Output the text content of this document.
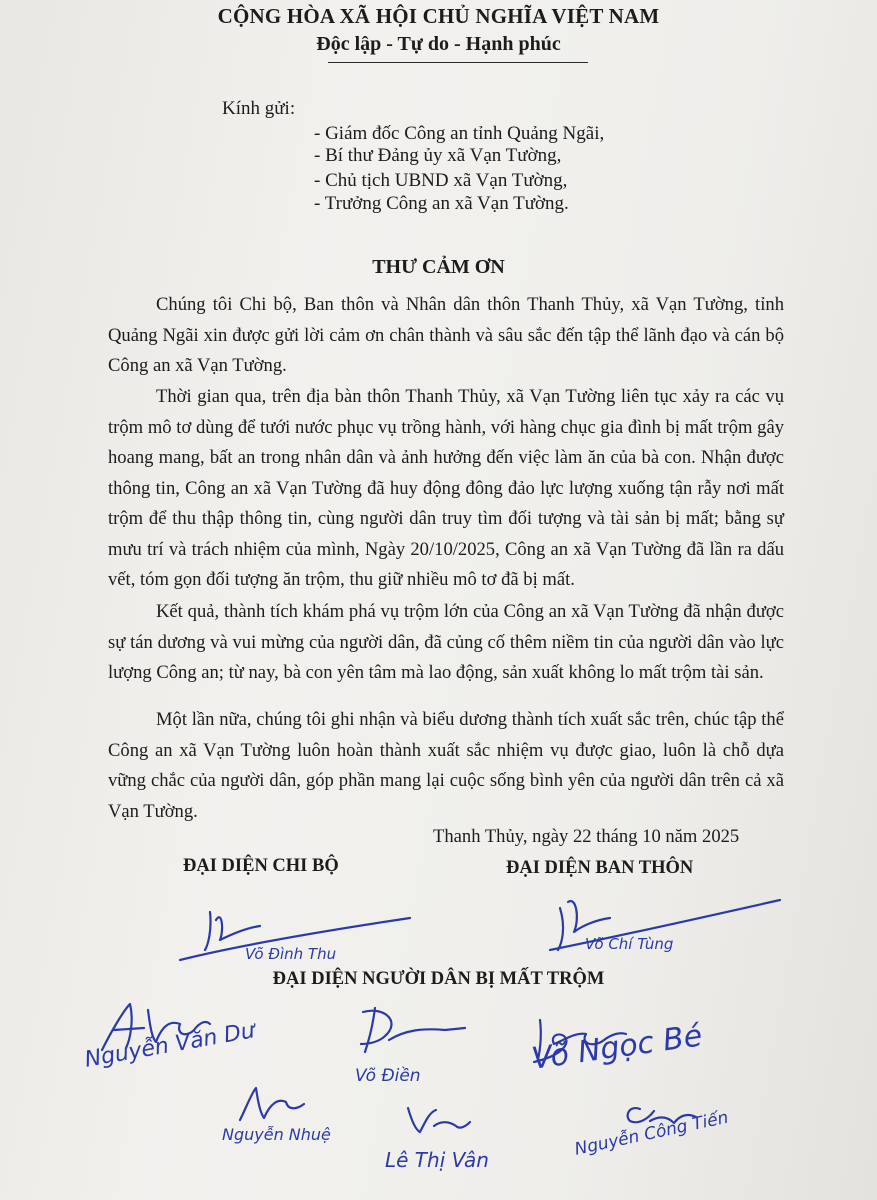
CỘNG HÒA XÃ HỘI CHỦ NGHĨA VIỆT NAM
Độc lập - Tự do - Hạnh phúc
Kính gửi:
- Giám đốc Công an tỉnh Quảng Ngãi,
- Bí thư Đảng ủy xã Vạn Tường,
- Chủ tịch UBND xã Vạn Tường,
- Trưởng Công an xã Vạn Tường.
THƯ CẢM ƠN

Chúng tôi Chi bộ, Ban thôn và Nhân dân thôn Thanh Thủy, xã Vạn Tường, tỉnh Quảng Ngãi xin được gửi lời cảm ơn chân thành và sâu sắc đến tập thể lãnh đạo và cán bộ Công an xã Vạn Tường.

Thời gian qua, trên địa bàn thôn Thanh Thủy, xã Vạn Tường liên tục xảy ra các vụ trộm mô tơ dùng để tưới nước phục vụ trồng hành, với hàng chục gia đình bị mất trộm gây hoang mang, bất an trong nhân dân và ảnh hưởng đến việc làm ăn của bà con. Nhận được thông tin, Công an xã Vạn Tường đã huy động đông đảo lực lượng xuống tận rẫy nơi mất trộm để thu thập thông tin, cùng người dân truy tìm đối tượng và tài sản bị mất; bằng sự mưu trí và trách nhiệm của mình, Ngày 20/10/2025, Công an xã Vạn Tường đã lần ra dấu vết, tóm gọn đối tượng ăn trộm, thu giữ nhiều mô tơ đã bị mất.

Kết quả, thành tích khám phá vụ trộm lớn của Công an xã Vạn Tường đã nhận được sự tán dương và vui mừng của người dân, đã củng cố thêm niềm tin của người dân vào lực lượng Công an; từ nay, bà con yên tâm mà lao động, sản xuất không lo mất trộm tài sản.

Một lần nữa, chúng tôi ghi nhận và biểu dương thành tích xuất sắc trên, chúc tập thể Công an xã Vạn Tường luôn hoàn thành xuất sắc nhiệm vụ được giao, luôn là chỗ dựa vững chắc của người dân, góp phần mang lại cuộc sống bình yên của người dân trên cả xã Vạn Tường.

Thanh Thủy, ngày 22 tháng 10 năm 2025
ĐẠI DIỆN CHI BỘ	ĐẠI DIỆN BAN THÔN
Võ Đình Thu
Võ Chí Tùng
ĐẠI DIỆN NGƯỜI DÂN BỊ MẤT TRỘM
Nguyễn Văn Dư
Võ Điền	Võ Ngọc Bé
Nguyễn Nhuệ
Lê Thị Vân
Nguyễn Công Tiến
